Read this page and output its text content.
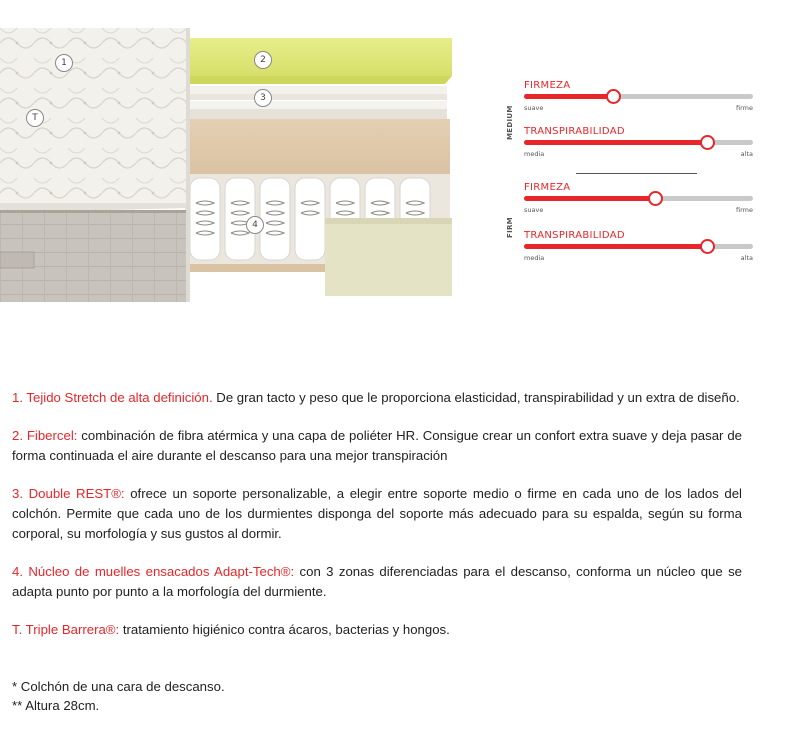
1	2
3
4
T	MEDIUM
FIRM
FIRMEZA
suave	firme
TRANSPIRABILIDAD
media	alta
FIRMEZA
suave	firme
TRANSPIRABILIDAD
media	alta

1. Tejido Stretch de alta definición. De gran tacto y peso que le proporciona elasticidad, transpirabilidad y un extra de diseño.

2. Fibercel: combinación de fibra atérmica y una capa de poliéter HR. Consigue crear un confort extra suave y deja pasar de forma continuada el aire durante el descanso para una mejor transpiración

3. Double REST®: ofrece un soporte personalizable, a elegir entre soporte medio o firme en cada uno de los lados del colchón. Permite que cada uno de los durmientes disponga del soporte más adecuado para su espalda, según su forma corporal, su morfología y sus gustos al dormir.

4. Núcleo de muelles ensacados Adapt-Tech®: con 3 zonas diferenciadas para el descanso, conforma un núcleo que se adapta punto por punto a la morfología del durmiente.

T. Triple Barrera®: tratamiento higiénico contra ácaros, bacterias y hongos.

* Colchón de una cara de descanso.
** Altura 28cm.
